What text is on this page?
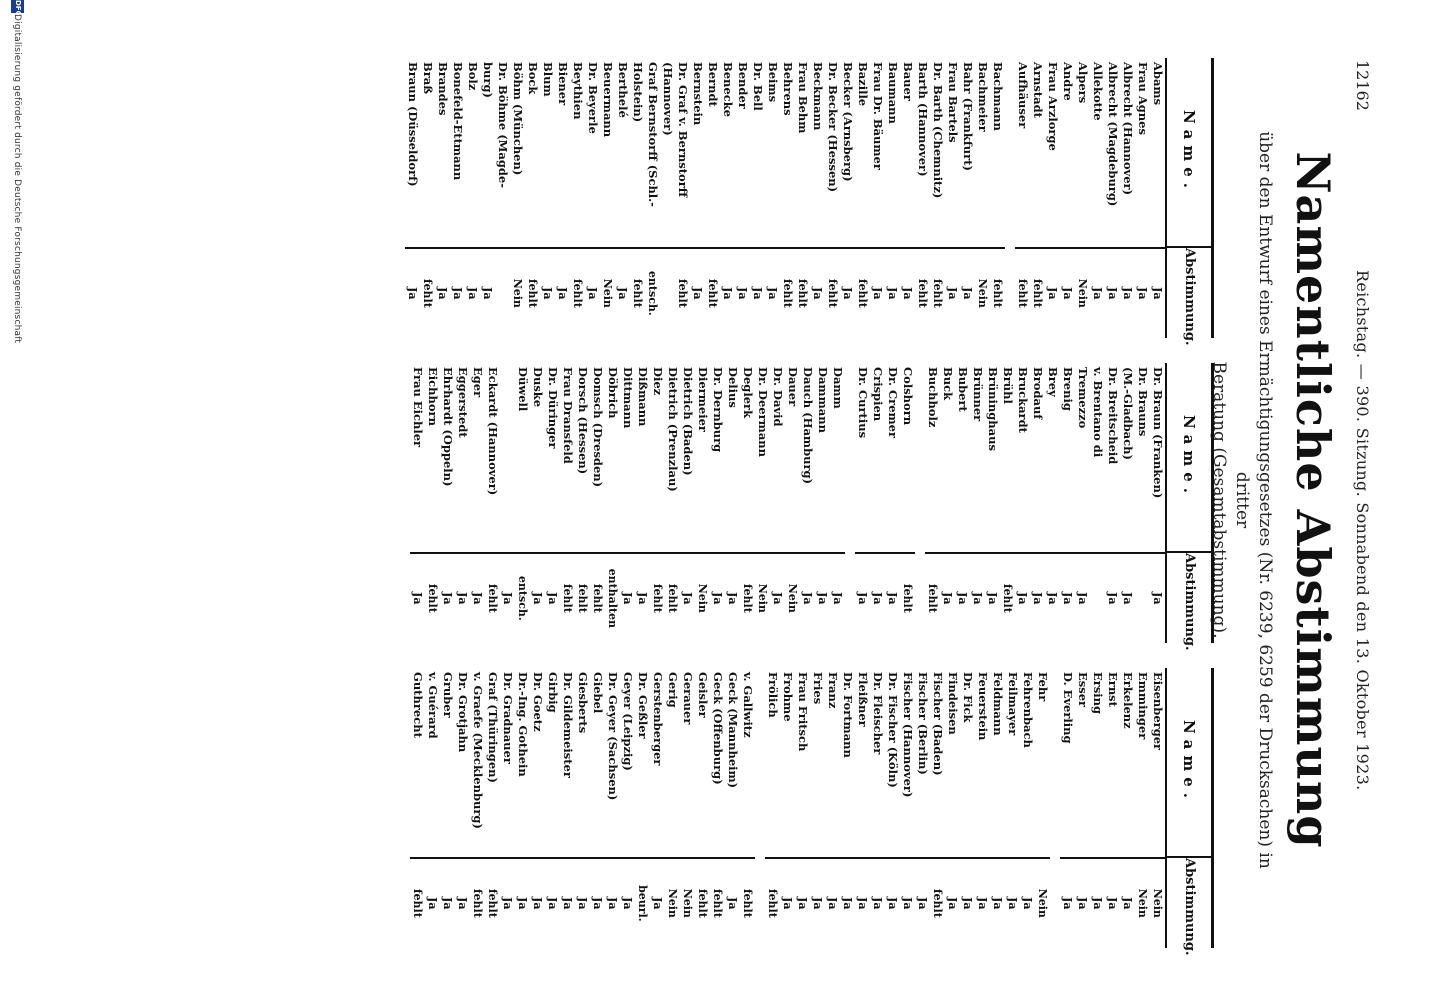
12162
Reichstag. — 390. Sitzung. Sonnabend den 13. Oktober 1923.
Namentliche Abstimmung
über den Entwurf eines Ermächtigungsgesetzes (Nr. 6239, 6259 der Drucksachen) in dritter
Beratung (Gesamtabstimmung).
Name.
Abstimmung.
Abams
Ja
Frau Agnes
Ja
Albrecht (Hannover)
Ja
Albrecht (Magdeburg)
Ja
Allekotte
Ja
Alpers
Nein
Andre
Ja
Frau Arzlorge
Ja
Arnstadt
fehlt
Aufhäuser
fehlt
Bachmann
fehlt
Bachmeier
Nein
Bahr (Frankfurt)
Ja
Frau Bartels
Ja
Dr. Barth (Chemnitz)
fehlt
Barth (Hannover)
fehlt
Bauer
Ja
Baumann
Ja
Frau Dr. Bäumer
Ja
Bazille
fehlt
Becker (Arnsberg)
Ja
Dr. Becker (Hessen)
fehlt
Beckmann
Ja
Frau Behm
fehlt
Behrens
fehlt
Beims
Ja
Dr. Bell
Ja
Bender
Ja
Benecke
Ja
Berndt
fehlt
Bernstein
Ja
Dr. Graf v. Bernstorff
fehlt
(Hannover)
Graf Bernstorff (Schl.-
entsch.
Holstein)
fehlt
Berthelé
Ja
Beuermann
Nein
Dr. Beyerle
Ja
Beythien
fehlt
Biener
Ja
Blum
Ja
Bock
fehlt
Böhm (München)
Nein
Dr. Böhme (Magde-
burg)
Ja
Bolz
Ja
Bonefeld-Ettmann
Ja
Brandes
Ja
Braß
fehlt
Braun (Düsseldorf)
Ja
Name.
Abstimmung.
Dr. Braun (Franken)
Ja
Dr. Brauns
(M.-Gladbach)
Ja
Dr. Breitscheid
Ja
v. Brentano di
Tremezzo
Ja
Brenig
Ja
Brey
Ja
Brodauf
Ja
Bruckardt
Ja
Brühl
fehlt
Brüninghaus
Ja
Brünner
Ja
Bubert
Ja
Buck
Ja
Buchholz
fehlt
Colshorn
fehlt
Dr. Cremer
Ja
Crispien
Ja
Dr. Curtius
Ja
Damm
Ja
Dammann
Ja
Dauch (Hamburg)
Ja
Dauer
Nein
Dr. David
Ja
Dr. Deermann
Nein
Deglerk
fehlt
Delius
Ja
Dr. Dernburg
Ja
Diermeier
Nein
Dietrich (Baden)
Ja
Dietrich (Prenzlau)
fehlt
Diez
fehlt
Dißmann
Ja
Dittmann
Ja
Döbrich
enthalten
Domsch (Dresden)
fehlt
Dorsch (Hessen)
fehlt
Frau Dransfeld
fehlt
Dr. Düringer
Ja
Duske
Ja
Düwell
entsch.
Ja
Eckardt (Hannover)
fehlt
Eger
Ja
Eggerstedt
Ja
Ehrhardt (Oppeln)
Ja
Eichhorn
fehlt
Frau Eichler
Ja
Name.
Abstimmung.
Eisenberger
Nein
Emminger
Nein
Erkelenz
Ja
Ernst
Ja
Ersing
Ja
Esser
Ja
D. Everling
Ja
Fehr
Nein
Fehrenbach
Ja
Feilmayer
Ja
Feldmann
Ja
Feuerstein
Ja
Dr. Fick
Ja
Findeisen
Ja
Fischer (Baden)
fehlt
Fischer (Berlin)
Ja
Fischer (Hannover)
Ja
Dr. Fischer (Köln)
Ja
Dr. Fleischer
Ja
Fleißner
Ja
Dr. Fortmann
Ja
Franz
Ja
Fries
Ja
Frau Fritsch
Ja
Frohme
Ja
Frölich
fehlt
v. Gallwitz
fehlt
Geck (Mannheim)
Ja
Geck (Offenburg)
fehlt
Geisler
fehlt
Gerauer
Nein
Gerig
Nein
Gerstenberger
Ja
Dr. Geßler
beurl.
Geyer (Leipzig)
Ja
Dr. Geyer (Sachsen)
Ja
Giebel
Ja
Giesberts
Ja
Dr. Gildemeister
Ja
Girbig
Ja
Dr. Goetz
Ja
Dr.-Ing. Gothein
Ja
Dr. Gradnauer
Ja
Graf (Thüringen)
fehlt
v. Graefe (Mecklenburg)
fehlt
Dr. Grotjahn
Ja
Gruber
Ja
v. Guérard
Ja
Guthrecht
fehlt
DFG
Digitalisierung gefördert durch die Deutsche Forschungsgemeinschaft
